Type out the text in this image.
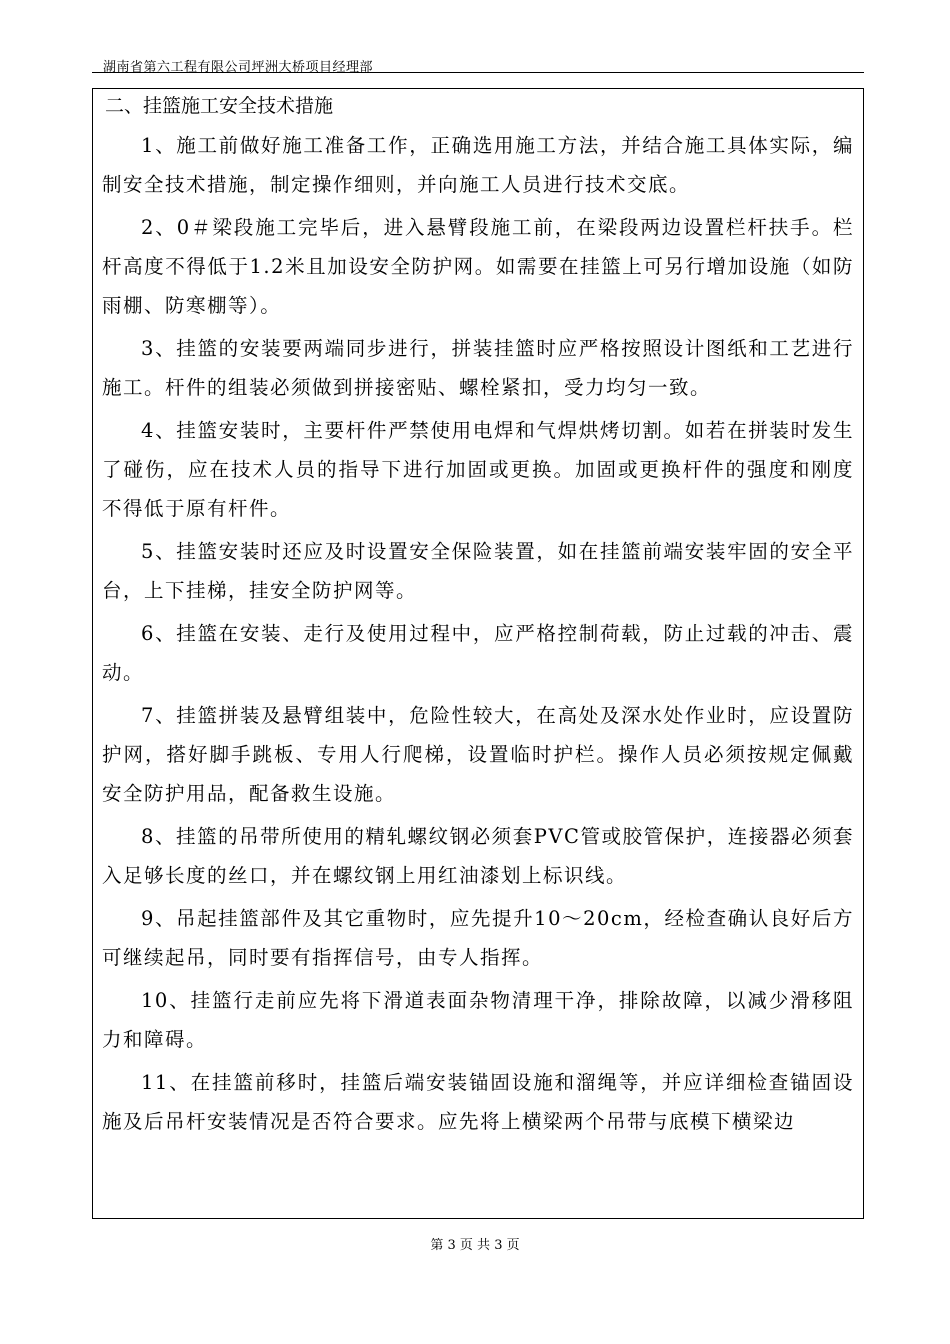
湖南省第六工程有限公司坪洲大桥项目经理部
二、挂篮施工安全技术措施

1、施工前做好施工准备工作，正确选用施工方法，并结合施工具体实际，编制安全技术措施，制定操作细则，并向施工人员进行技术交底。

2、0＃梁段施工完毕后，进入悬臂段施工前，在梁段两边设置栏杆扶手。栏杆高度不得低于1.2米且加设安全防护网。如需要在挂篮上可另行增加设施（如防雨棚、防寒棚等）。

3、挂篮的安装要两端同步进行，拼装挂篮时应严格按照设计图纸和工艺进行施工。杆件的组装必须做到拼接密贴、螺栓紧扣，受力均匀一致。

4、挂篮安装时，主要杆件严禁使用电焊和气焊烘烤切割。如若在拼装时发生了碰伤，应在技术人员的指导下进行加固或更换。加固或更换杆件的强度和刚度不得低于原有杆件。

5、挂篮安装时还应及时设置安全保险装置，如在挂篮前端安装牢固的安全平台，上下挂梯，挂安全防护网等。

6、挂篮在安装、走行及使用过程中，应严格控制荷载，防止过载的冲击、震动。

7、挂篮拼装及悬臂组装中，危险性较大，在高处及深水处作业时，应设置防护网，搭好脚手跳板、专用人行爬梯，设置临时护栏。操作人员必须按规定佩戴安全防护用品，配备救生设施。

8、挂篮的吊带所使用的精轧螺纹钢必须套PVC管或胶管保护，连接器必须套入足够长度的丝口，并在螺纹钢上用红油漆划上标识线。

9、吊起挂篮部件及其它重物时，应先提升10～20cm，经检查确认良好后方可继续起吊，同时要有指挥信号，由专人指挥。

10、挂篮行走前应先将下滑道表面杂物清理干净，排除故障，以减少滑移阻力和障碍。

11、在挂篮前移时，挂篮后端安装锚固设施和溜绳等，并应详细检查锚固设施及后吊杆安装情况是否符合要求。应先将上横梁两个吊带与底模下横梁边

第 3 页 共 3 页
